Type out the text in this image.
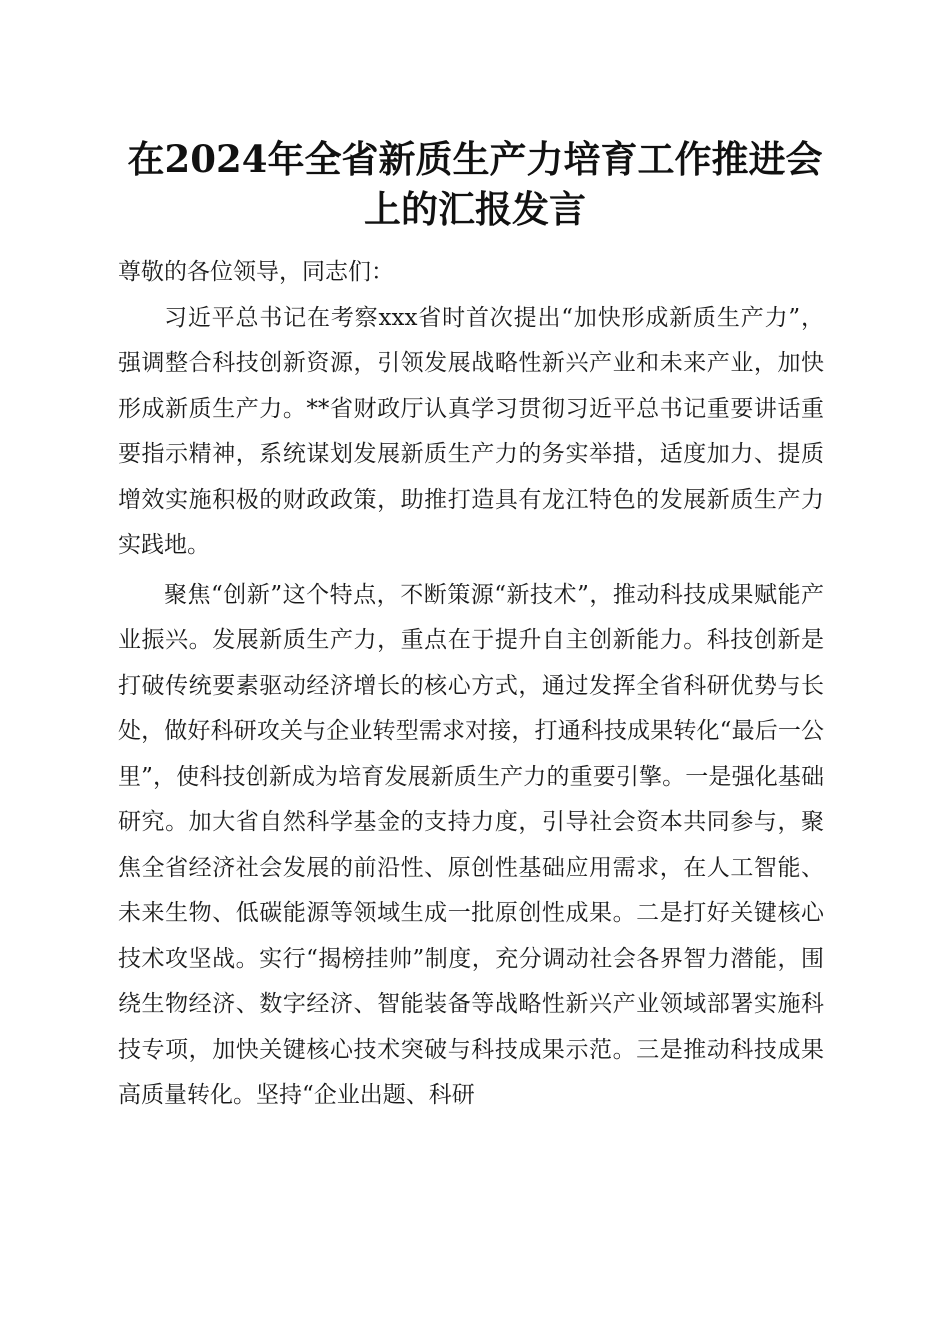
在2024年全省新质生产力培育工作推进会上的汇报发言

尊敬的各位领导，同志们：

习近平总书记在考察xxx省时首次提出“加快形成新质生产力”，强调整合科技创新资源，引领发展战略性新兴产业和未来产业，加快形成新质生产力。**省财政厅认真学习贯彻习近平总书记重要讲话重要指示精神，系统谋划发展新质生产力的务实举措，适度加力、提质增效实施积极的财政政策，助推打造具有龙江特色的发展新质生产力实践地。

聚焦“创新”这个特点，不断策源“新技术”，推动科技成果赋能产业振兴。发展新质生产力，重点在于提升自主创新能力。科技创新是打破传统要素驱动经济增长的核心方式，通过发挥全省科研优势与长处，做好科研攻关与企业转型需求对接，打通科技成果转化“最后一公里”，使科技创新成为培育发展新质生产力的重要引擎。一是强化基础研究。加大省自然科学基金的支持力度，引导社会资本共同参与，聚焦全省经济社会发展的前沿性、原创性基础应用需求，在人工智能、未来生物、低碳能源等领域生成一批原创性成果。二是打好关键核心技术攻坚战。实行“揭榜挂帅”制度，充分调动社会各界智力潜能，围绕生物经济、数字经济、智能装备等战略性新兴产业领域部署实施科技专项，加快关键核心技术突破与科技成果示范。三是推动科技成果高质量转化。坚持“企业出题、科研
